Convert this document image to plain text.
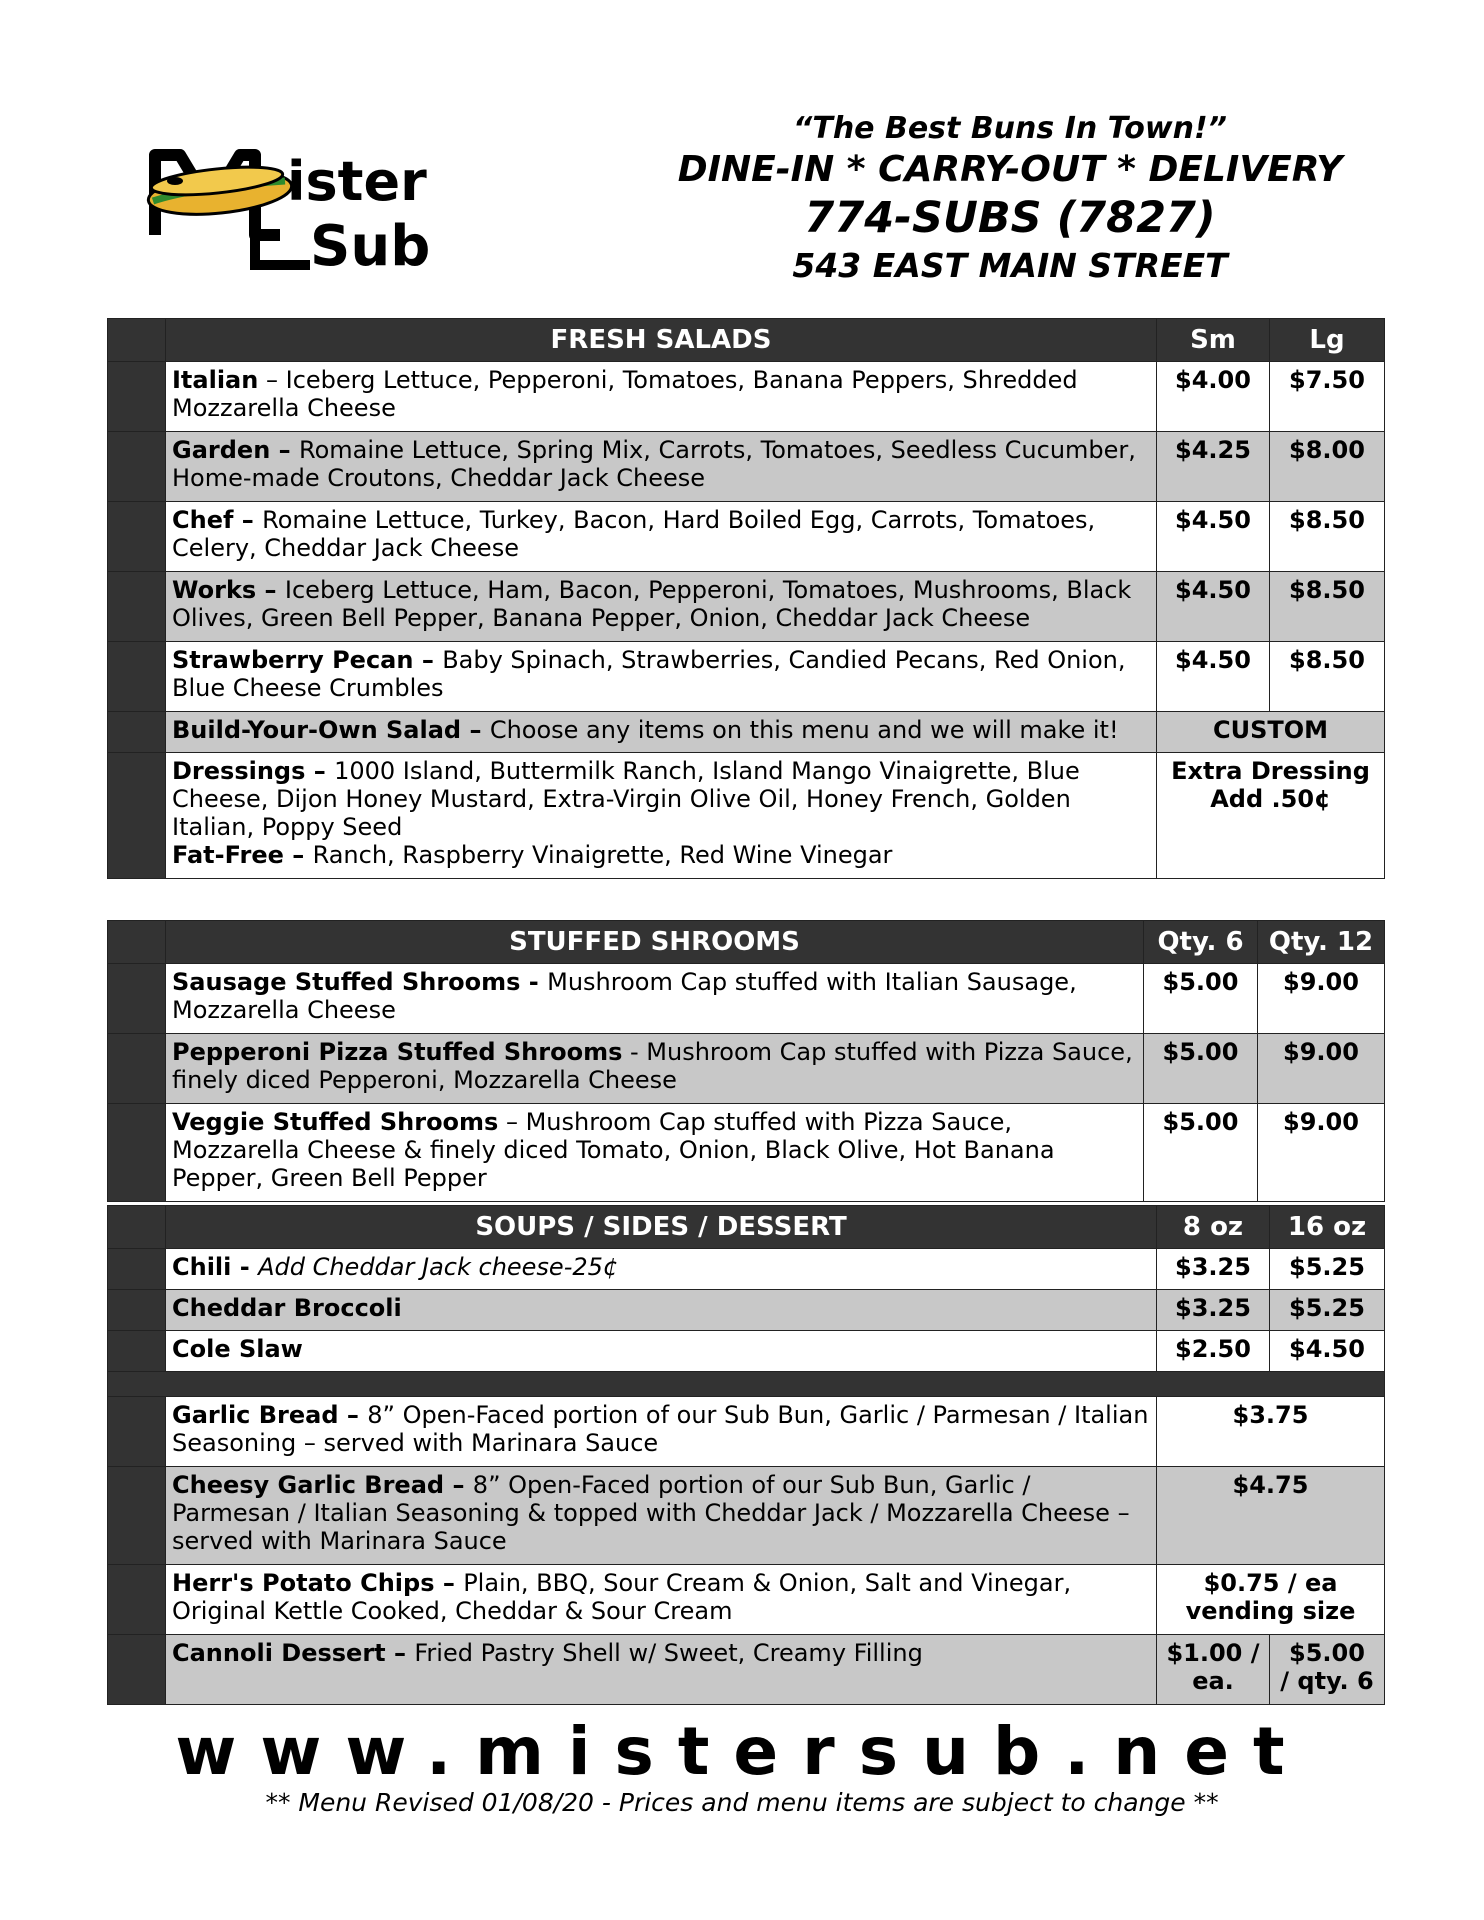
ister
Sub
“The Best Buns In Town!”
DINE-IN * CARRY-OUT * DELIVERY
774-SUBS (7827)
543 EAST MAIN STREET
	FRESH SALADS	Sm	Lg
	Italian – Iceberg Lettuce, Pepperoni, Tomatoes, Banana Peppers, Shredded Mozzarella Cheese	$4.00	$7.50
	Garden – Romaine Lettuce, Spring Mix, Carrots, Tomatoes, Seedless Cucumber, Home-made Croutons, Cheddar Jack Cheese	$4.25	$8.00
	Chef – Romaine Lettuce, Turkey, Bacon, Hard Boiled Egg, Carrots, Tomatoes, Celery, Cheddar Jack Cheese	$4.50	$8.50
	Works – Iceberg Lettuce, Ham, Bacon, Pepperoni, Tomatoes, Mushrooms, Black Olives, Green Bell Pepper, Banana Pepper, Onion, Cheddar Jack Cheese	$4.50	$8.50
	Strawberry Pecan – Baby Spinach, Strawberries, Candied Pecans, Red Onion, Blue Cheese Crumbles	$4.50	$8.50
	Build-Your-Own Salad – Choose any items on this menu and we will make it!	CUSTOM	
	Dressings – 1000 Island, Buttermilk Ranch, Island Mango Vinaigrette, Blue Cheese, Dijon Honey Mustard, Extra-Virgin Olive Oil, Honey French, Golden Italian, Poppy Seed
Fat-Free – Ranch, Raspberry Vinaigrette, Red Wine Vinegar	Extra Dressing
Add .50¢	
	STUFFED SHROOMS	Qty. 6	Qty. 12
	Sausage Stuffed Shrooms - Mushroom Cap stuffed with Italian Sausage, Mozzarella Cheese	$5.00	$9.00
	Pepperoni Pizza Stuffed Shrooms - Mushroom Cap stuffed with Pizza Sauce, finely diced Pepperoni, Mozzarella Cheese	$5.00	$9.00
	Veggie Stuffed Shrooms – Mushroom Cap stuffed with Pizza Sauce, Mozzarella Cheese & finely diced Tomato, Onion, Black Olive, Hot Banana Pepper, Green Bell Pepper	$5.00	$9.00
	SOUPS / SIDES / DESSERT	8 oz	16 oz
	Chili - Add Cheddar Jack cheese-25¢	$3.25	$5.25
	Cheddar Broccoli	$3.25	$5.25
	Cole Slaw	$2.50	$4.50

	Garlic Bread – 8” Open-Faced portion of our Sub Bun, Garlic / Parmesan / Italian Seasoning – served with Marinara Sauce	$3.75	
	Cheesy Garlic Bread – 8” Open-Faced portion of our Sub Bun, Garlic / Parmesan / Italian Seasoning & topped with Cheddar Jack / Mozzarella Cheese – served with Marinara Sauce	$4.75	
	Herr's Potato Chips – Plain, BBQ, Sour Cream & Onion, Salt and Vinegar, Original Kettle Cooked, Cheddar & Sour Cream	$0.75 / ea
vending size	
	Cannoli Dessert – Fried Pastry Shell w/ Sweet, Creamy Filling	$1.00 /
ea.	$5.00
/ qty. 6
www.mistersub.net
** Menu Revised 01/08/20 - Prices and menu items are subject to change **
